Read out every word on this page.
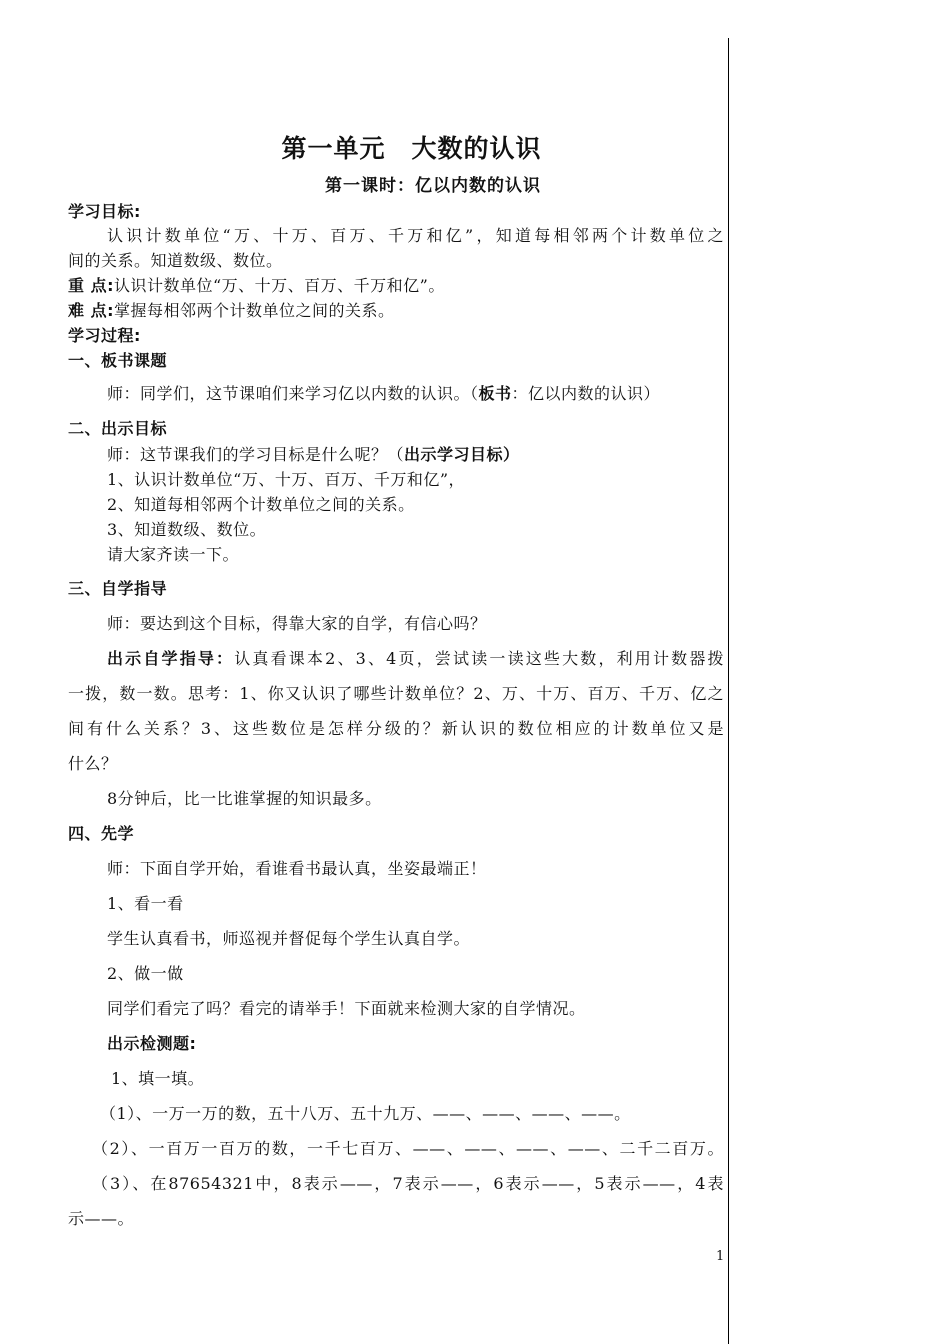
第一单元　大数的认识
第一课时：亿以内数的认识
学习目标:
认识计数单位“万、十万、百万、千万和亿”，知道每相邻两个计数单位之
间的关系。知道数级、数位。
重 点:认识计数单位“万、十万、百万、千万和亿”。
难 点:掌握每相邻两个计数单位之间的关系。
学习过程:
一、板书课题
师：同学们，这节课咱们来学习亿以内数的认识。（板书：亿以内数的认识）
二、出示目标
师：这节课我们的学习目标是什么呢？（出示学习目标）
1、认识计数单位“万、十万、百万、千万和亿”，
2、知道每相邻两个计数单位之间的关系。
3、知道数级、数位。
请大家齐读一下。
三、自学指导
师：要达到这个目标，得靠大家的自学，有信心吗？
出示自学指导：认真看课本2、3、4页，尝试读一读这些大数，利用计数器拨
一拨，数一数。思考：1、你又认识了哪些计数单位？2、万、十万、百万、千万、亿之
间有什么关系？3、这些数位是怎样分级的？新认识的数位相应的计数单位又是
什么？
8分钟后，比一比谁掌握的知识最多。
四、先学
师：下面自学开始，看谁看书最认真，坐姿最端正！
1、看一看
学生认真看书，师巡视并督促每个学生认真自学。
2、做一做
同学们看完了吗？看完的请举手！下面就来检测大家的自学情况。
出示检测题:
1、填一填。
（1）、一万一万的数，五十八万、五十九万、——、——、——、——。
（2）、一百万一百万的数，一千七百万、——、——、——、——、二千二百万。
（3）、在87654321中，8表示——，7表示——，6表示——，5表示——，4表
示——。
1
